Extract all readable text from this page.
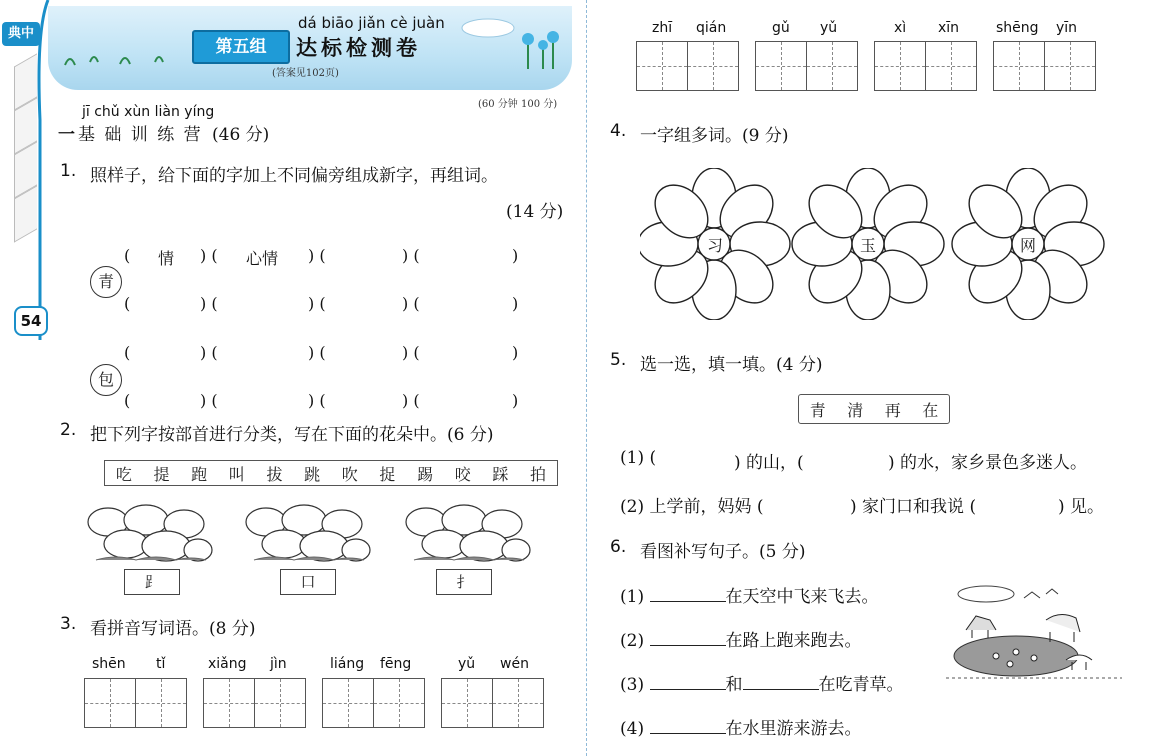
典中
54
第五组
dá biāo jiǎn cè juàn
达标检测卷
(答案见102页)
(60 分钟 100 分)
jī chǔ xùn liàn yíng
一 基 础 训 练 营 (46 分)
1. 照样子，给下面的字加上不同偏旁组成新字，再组词。
(14 分)
青
包
( 情 ) ( 心情 ) (	) (	)
(	) (	) (	) (	)
(	) (	) (	) (	)
(	) (	) (	) (	)
2. 把下列字按部首进行分类，写在下面的花朵中。(6 分)
吃 提 跑 叫 拔 跳 吹 捉 踢 咬 踩 拍
⻊	口	扌
3. 看拼音写词语。(8 分)
shēn tǐ	xiǎng jìn	liáng fēng	yǔ wén
zhī qián	gǔ yǔ	xì xīn	shēng yīn
4. 一字组多词。(9 分)
习	玉	网
5. 选一选，填一填。(4 分)
青 清 再 在
(1) (	) 的山，(	) 的水，家乡景色多迷人。
(2) 上学前，妈妈 (	) 家门口和我说 (	) 见。
6. 看图补写句子。(5 分)
(1)	在天空中飞来飞去。
(2)	在路上跑来跑去。
(3)	和	在吃青草。
(4)	在水里游来游去。
